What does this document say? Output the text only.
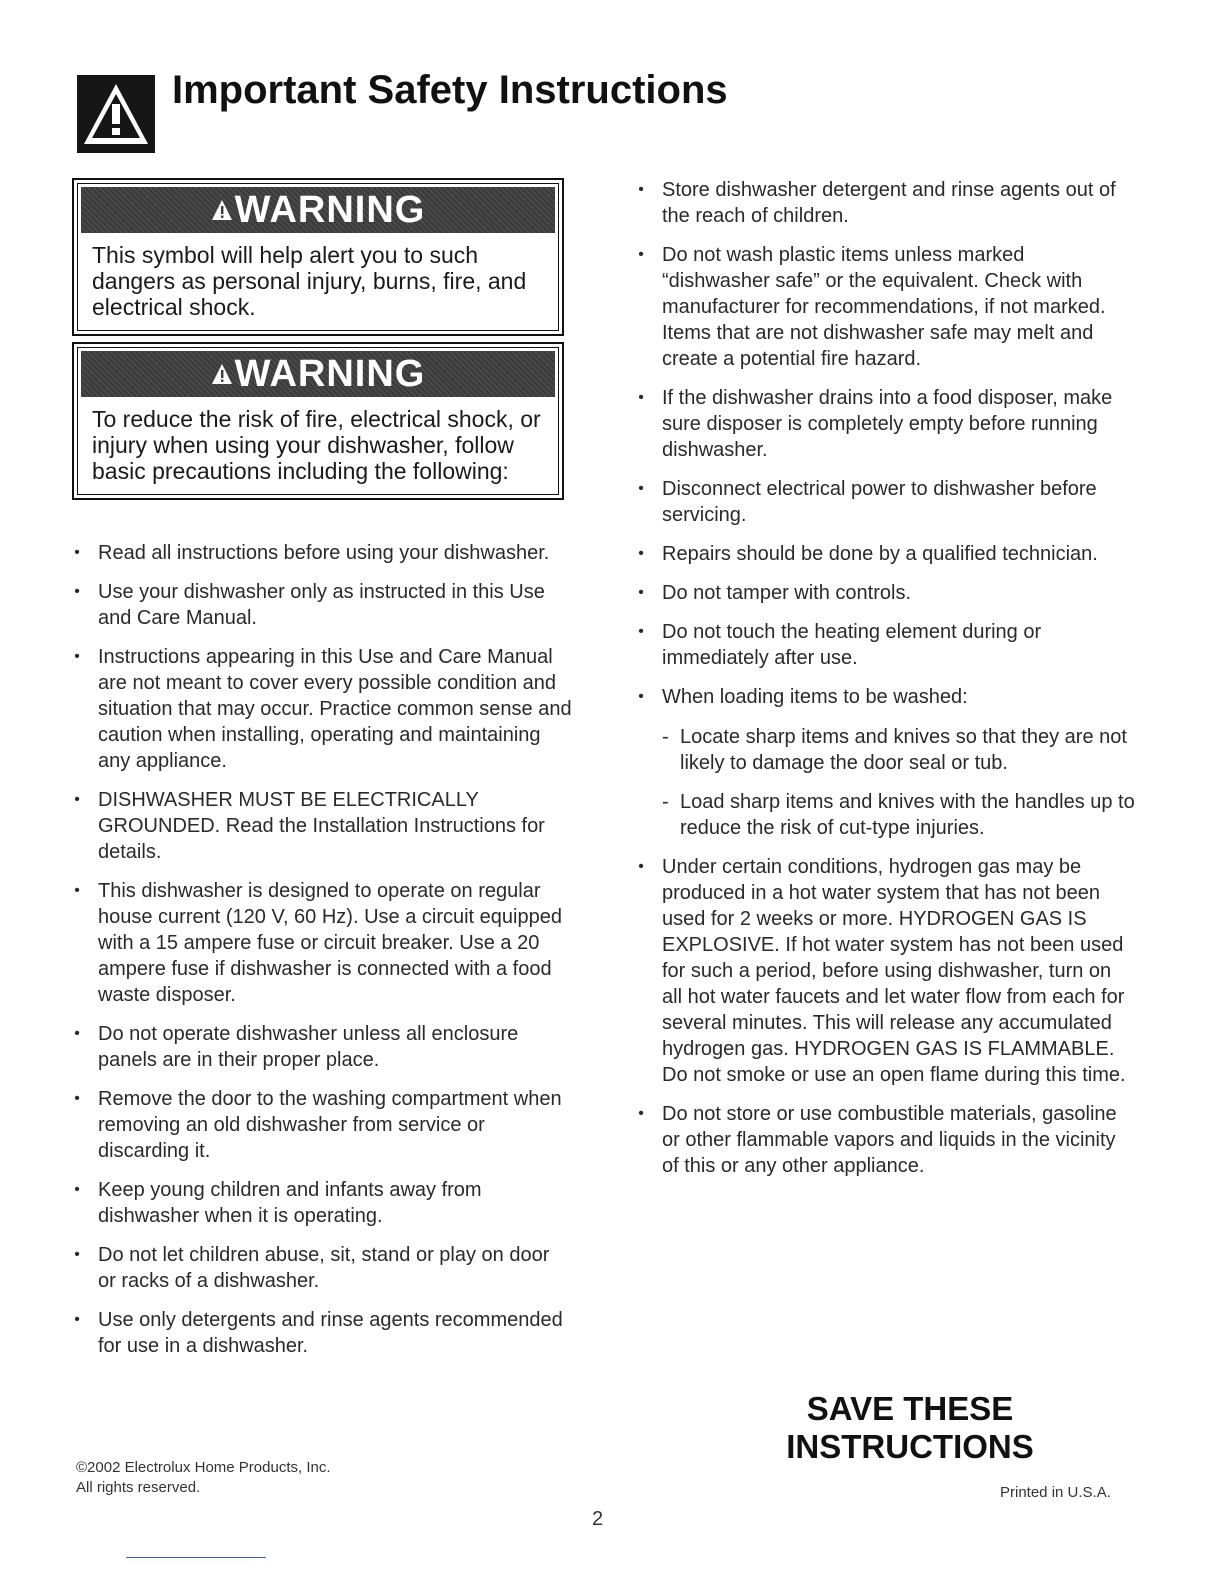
Important Safety Instructions
WARNING
This symbol will help alert you to such dangers as personal injury, burns, fire, and electrical shock.
WARNING
To reduce the risk of fire, electrical shock, or injury when using your dishwasher, follow basic precautions including the following:
• Read all instructions before using your dishwasher.
• Use your dishwasher only as instructed in this Use and Care Manual.
• Instructions appearing in this Use and Care Manual are not meant to cover every possible condition and situation that may occur. Practice common sense and caution when installing, operating and maintaining any appliance.
• DISHWASHER MUST BE ELECTRICALLY GROUNDED. Read the Installation Instructions for details.
• This dishwasher is designed to operate on regular house current (120 V, 60 Hz). Use a circuit equipped with a 15 ampere fuse or circuit breaker. Use a 20 ampere fuse if dishwasher is connected with a food waste disposer.
• Do not operate dishwasher unless all enclosure panels are in their proper place.
• Remove the door to the washing compartment when removing an old dishwasher from service or discarding it.
• Keep young children and infants away from dishwasher when it is operating.
• Do not let children abuse, sit, stand or play on door or racks of a dishwasher.
• Use only detergents and rinse agents recommended for use in a dishwasher.
• Store dishwasher detergent and rinse agents out of the reach of children.
• Do not wash plastic items unless marked “dishwasher safe” or the equivalent. Check with manufacturer for recommendations, if not marked. Items that are not dishwasher safe may melt and create a potential fire hazard.
• If the dishwasher drains into a food disposer, make sure disposer is completely empty before running dishwasher.
• Disconnect electrical power to dishwasher before servicing.
• Repairs should be done by a qualified technician.
• Do not tamper with controls.
• Do not touch the heating element during or immediately after use.
• When loading items to be washed:
- Locate sharp items and knives so that they are not likely to damage the door seal or tub.
- Load sharp items and knives with the handles up to reduce the risk of cut-type injuries.
• Under certain conditions, hydrogen gas may be produced in a hot water system that has not been used for 2 weeks or more. HYDROGEN GAS IS EXPLOSIVE. If hot water system has not been used for such a period, before using dishwasher, turn on all hot water faucets and let water flow from each for several minutes. This will release any accumulated hydrogen gas. HYDROGEN GAS IS FLAMMABLE. Do not smoke or use an open flame during this time.
• Do not store or use combustible materials, gasoline or other flammable vapors and liquids in the vicinity of this or any other appliance.
SAVE THESE
INSTRUCTIONS
©2002 Electrolux Home Products, Inc.
All rights reserved.	Printed in U.S.A.
2
